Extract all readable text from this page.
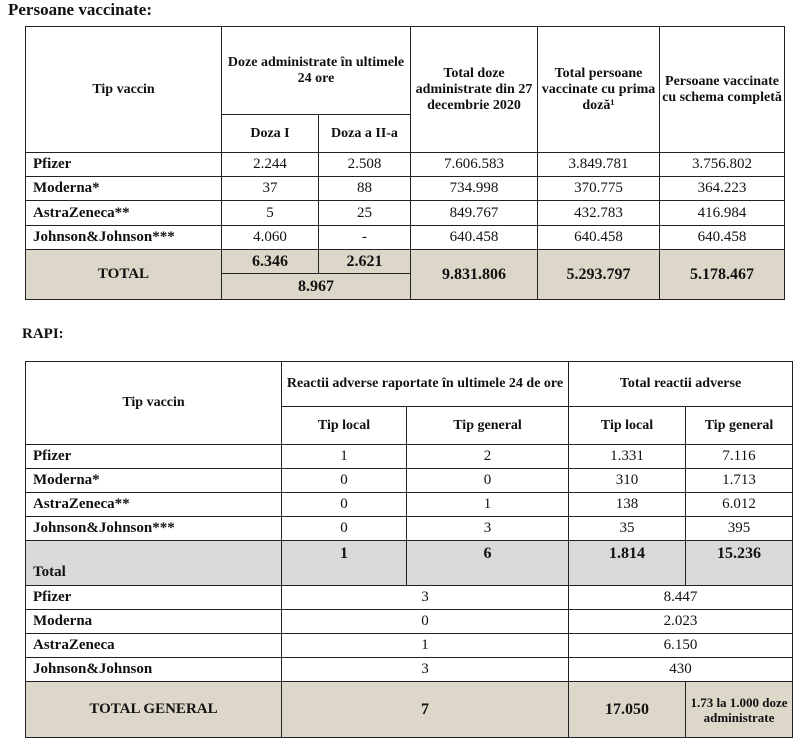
Persoane vaccinate:
Tip vaccin	Doze administrate în ultimele 24 ore		Total doze administrate din 27 decembrie 2020	Total persoane vaccinate cu prima doză¹	Persoane vaccinate cu schema completă
	Doza I	Doza a II-a			
Pfizer	2.244	2.508	7.606.583	3.849.781	3.756.802
Moderna*	37	88	734.998	370.775	364.223
AstraZeneca**	5	25	849.767	432.783	416.984
Johnson&Johnson***	4.060	-	640.458	640.458	640.458
TOTAL	6.346	2.621	9.831.806	5.293.797	5.178.467
	8.967				
RAPI:
Tip vaccin	Reactii adverse raportate în ultimele 24 de ore		Total reactii adverse	
	Tip local	Tip general	Tip local	Tip general
Pfizer	1	2	1.331	7.116
Moderna*	0	0	310	1.713
AstraZeneca**	0	1	138	6.012
Johnson&Johnson***	0	3	35	395
Total	1	6	1.814	15.236
Pfizer	3		8.447	
Moderna	0		2.023	
AstraZeneca	1		6.150	
Johnson&Johnson	3		430	
TOTAL GENERAL	7		17.050	1.73 la 1.000 doze administrate
